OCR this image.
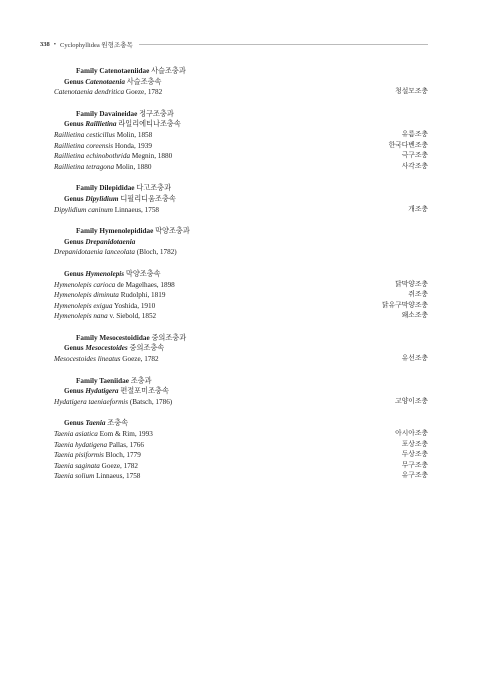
338 • Cyclophyllidea 원형조충목
Family Catenotaeniidae 사슬조충과
Genus Catenotaenia 사슬조충속
Catenotaenia dendritica Goeze, 1782	청설모조충
Family Davaineidae 정구조충과
Genus Raillietina 라일리에티나조충속
Raillietina cesticillus Molin, 1858	유름조충
Raillietina coreensis Honda, 1939	한국다벤조충
Raillietina echinobothrida Megnin, 1880	극구조충
Raillietina tetragona Molin, 1880	사각조충
Family Dilepididae 다고조충과
Genus Dipylidium 디필리디움조충속
Dipylidium caninum Linnaeus, 1758	개조충
Family Hymenolepididae 막양조충과
Genus Drepanidotaenia
Drepanidotaenia lanceolata (Bloch, 1782)
Genus Hymenolepis 막양조충속
Hymenolepis carioca de Magelhaes, 1898	닭막양조충
Hymenolepis diminuta Rudolphi, 1819	쥐조충
Hymenolepis exigua Yoshida, 1910	닭유구막양조충
Hymenolepis nana v. Siebold, 1852	왜소조충
Family Mesocestoididae 중의조충과
Genus Mesocestoides 중의조충속
Mesocestoides lineatus Goeze, 1782	유선조충
Family Taeniidae 조충과
Genus Hydatigera 편절포미조충속
Hydatigera taeniaeformis (Batsch, 1786)	고양이조충
Genus Taenia 조충속
Taenia asiatica Eom & Rim, 1993	아시아조충
Taenia hydatigena Pallas, 1766	포상조충
Taenia pisiformis Bloch, 1779	두상조충
Taenia saginata Goeze, 1782	무구조충
Taenia solium Linnaeus, 1758	유구조충
